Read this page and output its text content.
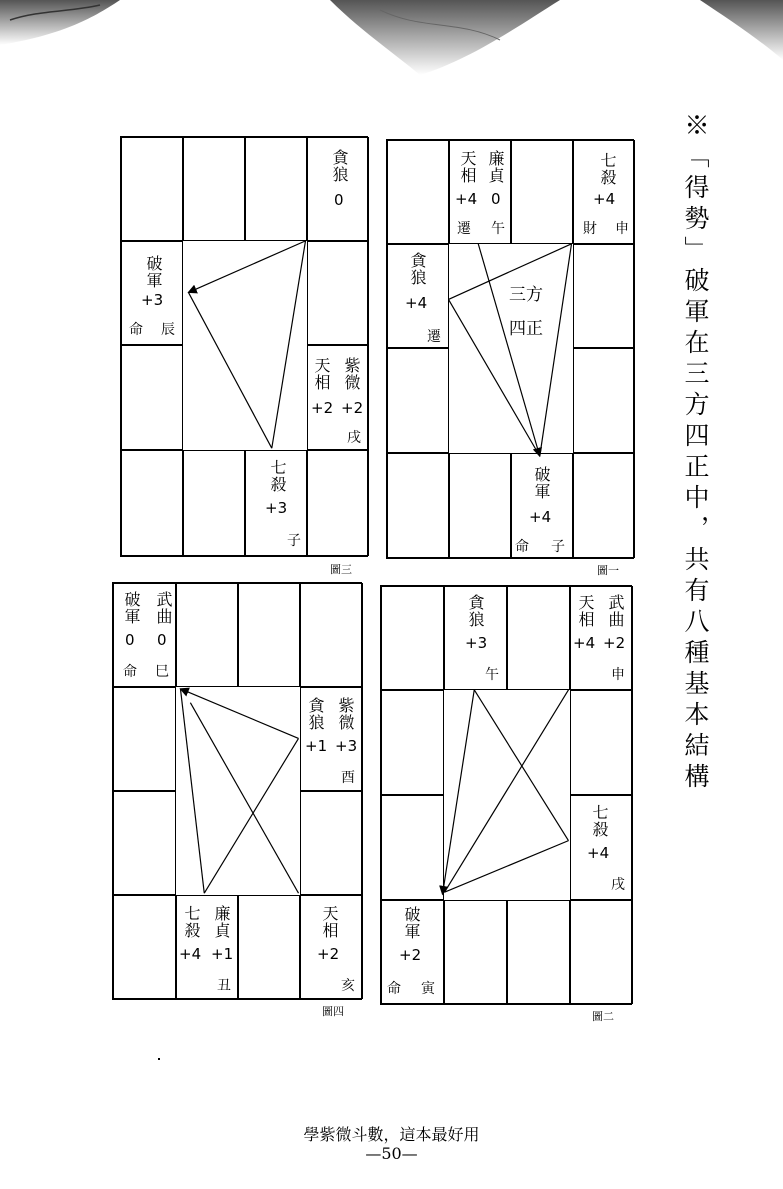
貪狼
0
破軍
+3
命 辰
天相
+2
紫微
+2
戌
七殺
+3
子
圖三
廉貞
0
天相
+4
遷 午
七殺
+4
財 申
貪狼
+4
遷
三方
四正
破軍
+4
命 子
圖一
破軍
0
武曲
0
命 巳
貪狼
+1
紫微
+3
酉
七殺
+4
廉貞
+1
丑
天相
+2
亥
圖四
貪狼
+3
午
天相
+4
武曲
+2
申
七殺
+4
戌
破軍
+2
命 寅
圖二
※「得勢」破軍在三方四正中，共有八種基本結構
學紫微斗數，這本最好用
—50—
